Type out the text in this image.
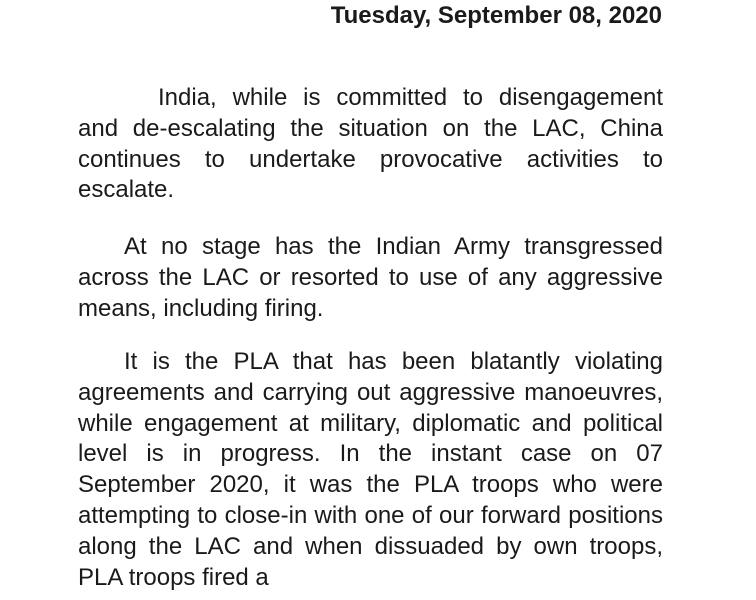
Tuesday, September 08, 2020

India, while is committed to disengagement and de-escalating the situation on the LAC, China continues to undertake provocative activities to escalate.

At no stage has the Indian Army transgressed across the LAC or resorted to use of any aggressive means, including firing.

It is the PLA that has been blatantly violating agreements and carrying out aggressive manoeuvres, while engagement at military, diplomatic and political level is in progress. In the instant case on 07 September 2020, it was the PLA troops who were attempting to close-in with one of our forward positions along the LAC and when dissuaded by own troops, PLA troops fired a
